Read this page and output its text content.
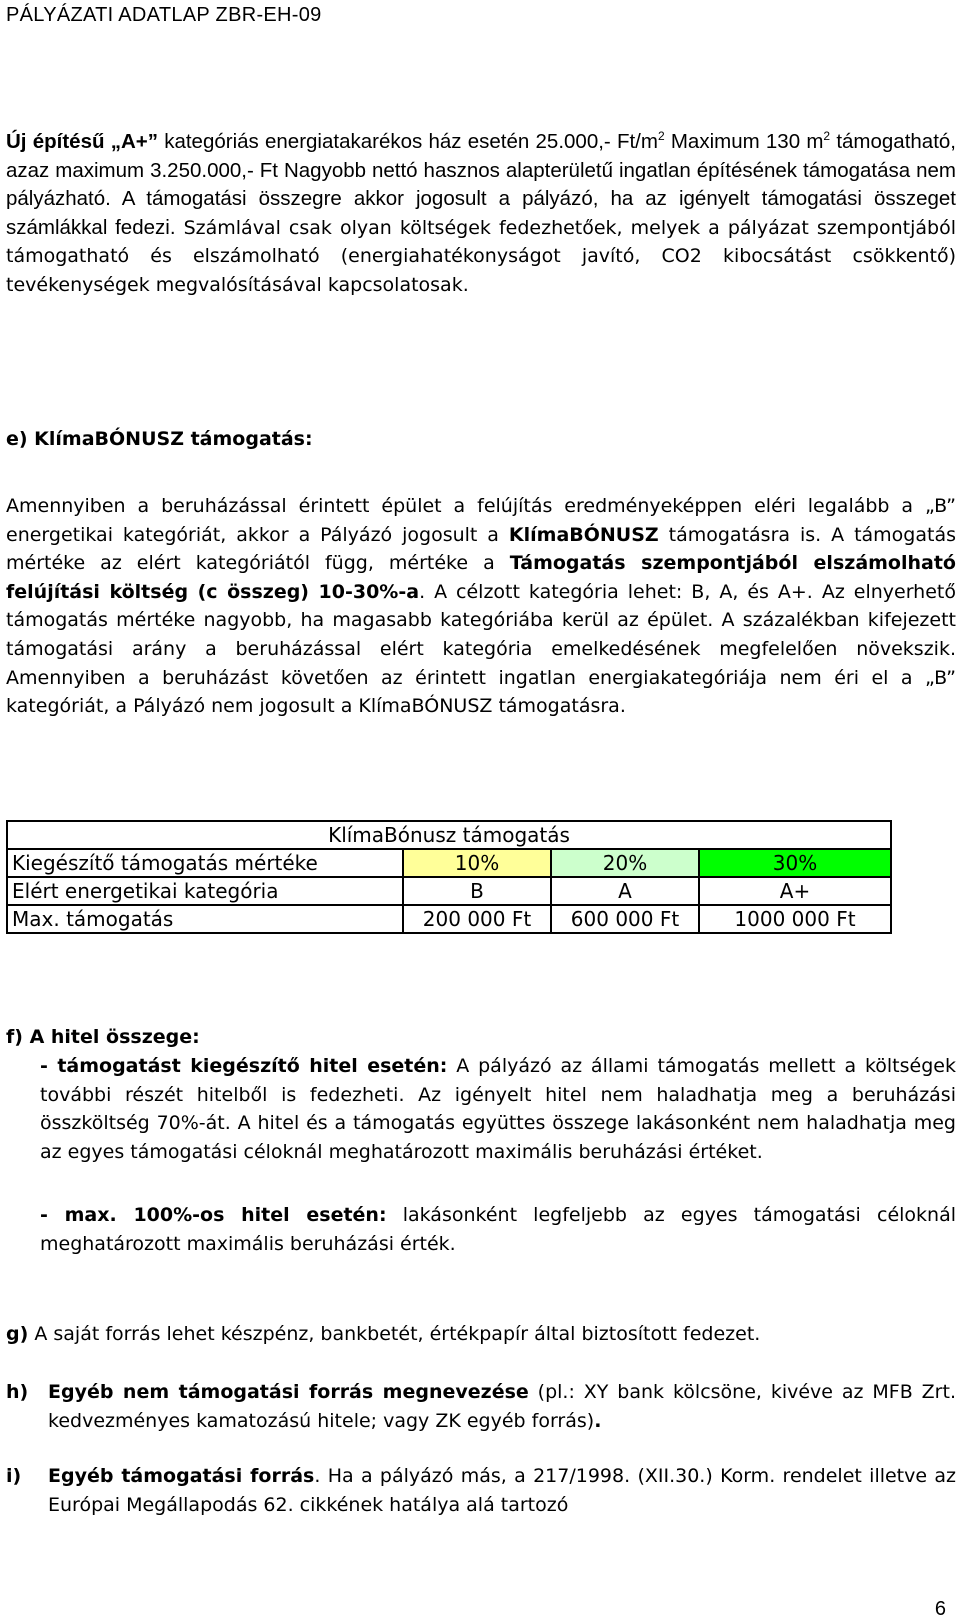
PÁLYÁZATI ADATLAP ZBR-EH-09

Új építésű „A+” kategóriás energiatakarékos ház esetén 25.000,- $Ft/m^2$ Maximum 130 $m^2$ támogatható, azaz maximum 3.250.000,- Ft Nagyobb nettó hasznos alapterületű ingatlan építésének támogatása nem pályázható. A támogatási összegre akkor jogosult a pályázó, ha az igényelt támogatási összeget számlákkal fedezi. Számlával csak olyan költségek fedezhetőek, melyek a pályázat szempontjából támogatható és elszámolható (energiahatékonyságot javító, CO2 kibocsátást csökkentő) tevékenységek megvalósításával kapcsolatosak.

e) KlímaBÓNUSZ támogatás:

Amennyiben a beruházással érintett épület a felújítás eredményeképpen eléri legalább a „B” energetikai kategóriát, akkor a Pályázó jogosult a KlímaBÓNUSZ támogatásra is. A támogatás mértéke az elért kategóriától függ, mértéke a Támogatás szempontjából elszámolható felújítási költség (c összeg) 10-30%-a. A célzott kategória lehet: B, A, és A+. Az elnyerhető támogatás mértéke nagyobb, ha magasabb kategóriába kerül az épület. A százalékban kifejezett támogatási arány a beruházással elért kategória emelkedésének megfelelően növekszik. Amennyiben a beruházást követően az érintett ingatlan energiakategóriája nem éri el a „B” kategóriát, a Pályázó nem jogosult a KlímaBÓNUSZ támogatásra.

KlímaBónusz támogatás			
Kiegészítő támogatás mértéke	10%	20%	30%
Elért energetikai kategória	B	A	A+
Max. támogatás	200 000 Ft	600 000 Ft	1000 000 Ft
f) A hitel összege:

- támogatást kiegészítő hitel esetén: A pályázó az állami támogatás mellett a költségek további részét hitelből is fedezheti. Az igényelt hitel nem haladhatja meg a beruházási összköltség 70%-át. A hitel és a támogatás együttes összege lakásonként nem haladhatja meg az egyes támogatási céloknál meghatározott maximális beruházási értéket.

- max. 100%-os hitel esetén: lakásonként legfeljebb az egyes támogatási céloknál meghatározott maximális beruházási érték.

g) A saját forrás lehet készpénz, bankbetét, értékpapír által biztosított fedezet.

h) Egyéb nem támogatási forrás megnevezése (pl.: XY bank kölcsöne, kivéve az MFB Zrt. kedvezményes kamatozású hitele; vagy ZK egyéb forrás).

i) Egyéb támogatási forrás. Ha a pályázó más, a 217/1998. (XII.30.) Korm. rendelet illetve az Európai Megállapodás 62. cikkének hatálya alá tartozó

6
